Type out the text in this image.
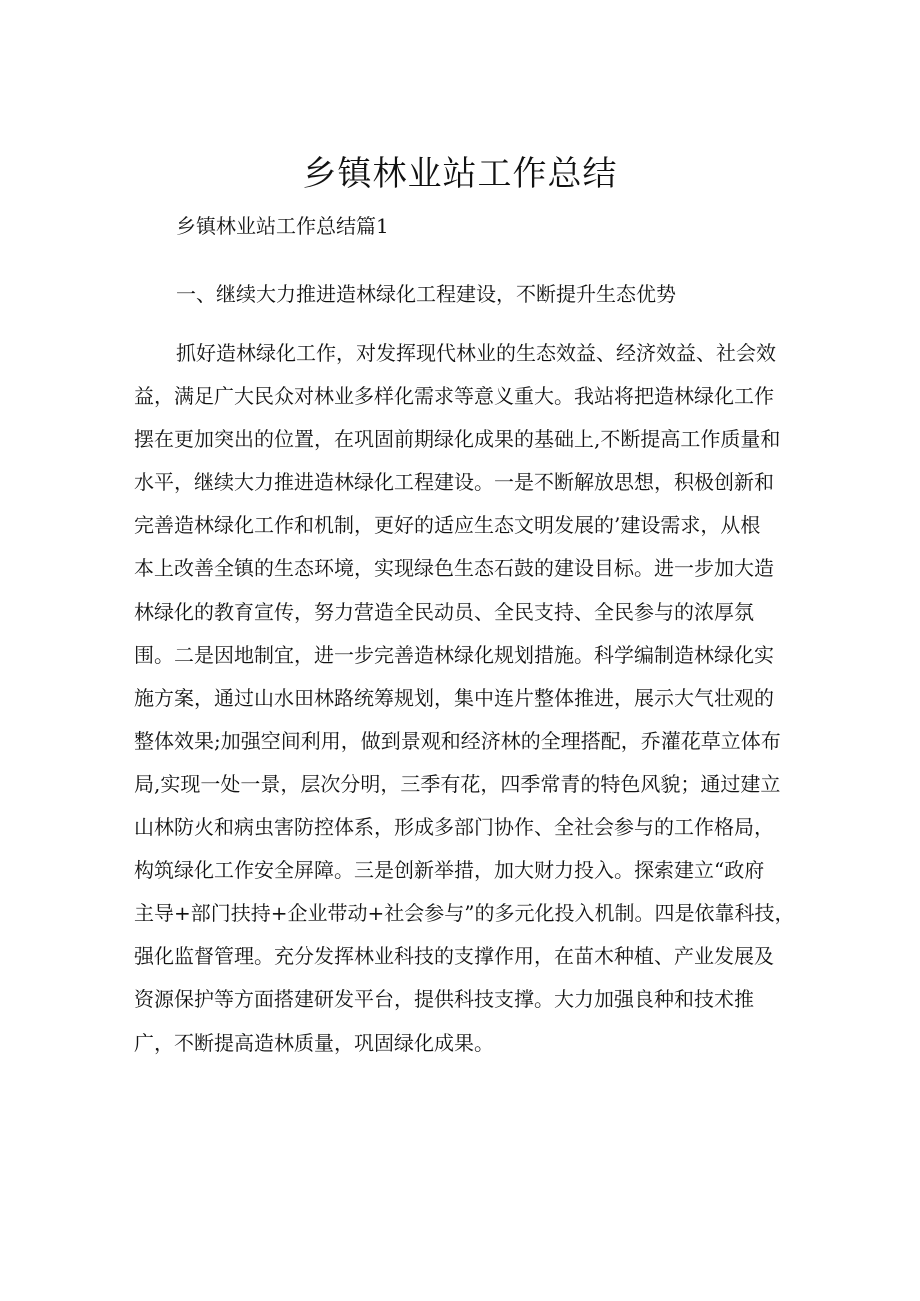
乡镇林业站工作总结

乡镇林业站工作总结篇1

一、继续大力推进造林绿化工程建设，不断提升生态优势
抓好造林绿化工作，对发挥现代林业的生态效益、经济效益、社会效
益，满足广大民众对林业多样化需求等意义重大。我站将把造林绿化工作
摆在更加突出的位置，在巩固前期绿化成果的基础上,不断提高工作质量和
水平，继续大力推进造林绿化工程建设。一是不断解放思想，积极创新和
完善造林绿化工作和机制，更好的适应生态文明发展的’建设需求，从根
本上改善全镇的生态环境，实现绿色生态石鼓的建设目标。进一步加大造
林绿化的教育宣传，努力营造全民动员、全民支持、全民参与的浓厚氛
围。二是因地制宜，进一步完善造林绿化规划措施。科学编制造林绿化实
施方案，通过山水田林路统筹规划，集中连片整体推进，展示大气壮观的
整体效果;加强空间利用，做到景观和经济林的全理搭配，乔灌花草立体布
局,实现一处一景，层次分明，三季有花，四季常青的特色风貌；通过建立
山林防火和病虫害防控体系，形成多部门协作、全社会参与的工作格局，
构筑绿化工作安全屏障。三是创新举措，加大财力投入。探索建立“政府
主导+部门扶持+企业带动+社会参与”的多元化投入机制。四是依靠科技，
强化监督管理。充分发挥林业科技的支撑作用，在苗木种植、产业发展及
资源保护等方面搭建研发平台，提供科技支撑。大力加强良种和技术推
广，不断提高造林质量，巩固绿化成果。
